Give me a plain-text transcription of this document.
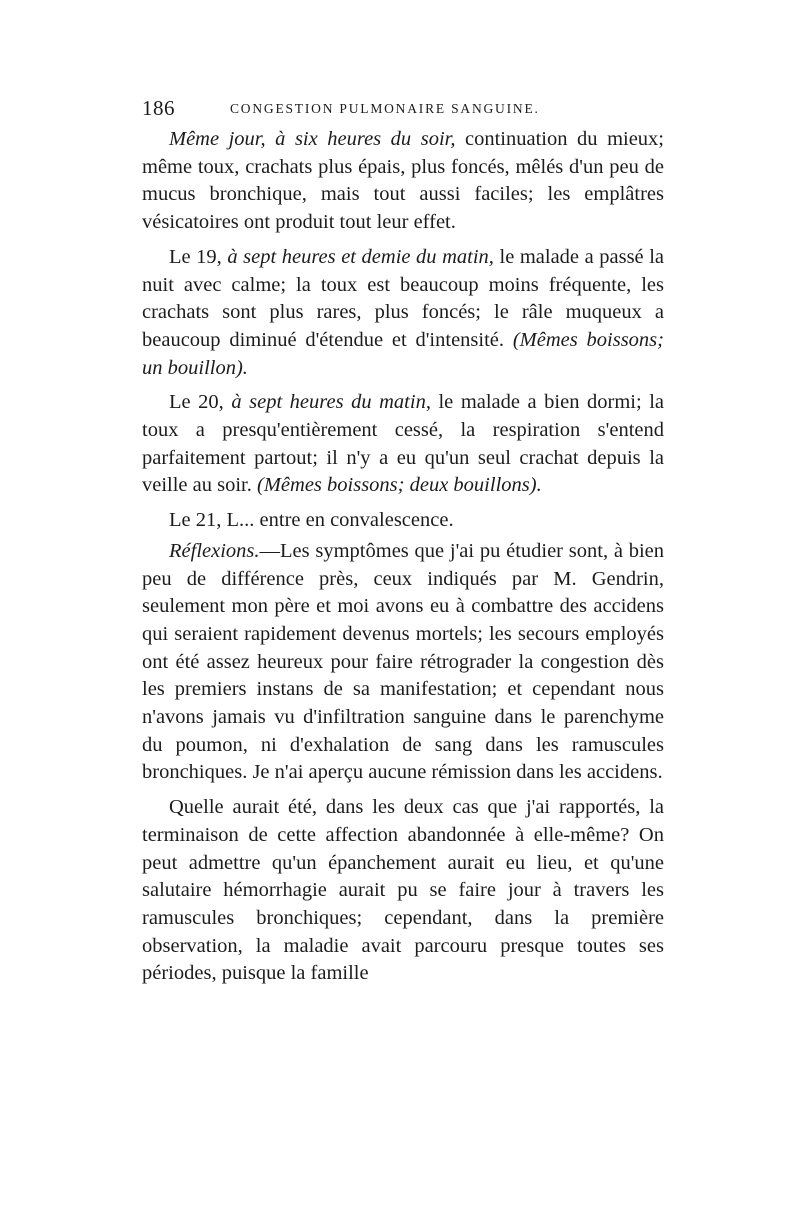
186	CONGESTION PULMONAIRE SANGUINE.

Même jour, à six heures du soir, continuation du mieux; même toux, crachats plus épais, plus foncés, mêlés d'un peu de mucus bronchique, mais tout aussi faciles; les emplâtres vésicatoires ont produit tout leur effet.

Le 19, à sept heures et demie du matin, le malade a passé la nuit avec calme; la toux est beaucoup moins fréquente, les crachats sont plus rares, plus foncés; le râle muqueux a beaucoup diminué d'étendue et d'intensité. (Mêmes boissons; un bouillon).

Le 20, à sept heures du matin, le malade a bien dormi; la toux a presqu'entièrement cessé, la respiration s'entend parfaitement partout; il n'y a eu qu'un seul crachat depuis la veille au soir. (Mêmes boissons; deux bouillons).

Le 21, L... entre en convalescence.

Réflexions.—Les symptômes que j'ai pu étudier sont, à bien peu de différence près, ceux indiqués par M. Gendrin, seulement mon père et moi avons eu à combattre des accidens qui seraient rapidement devenus mortels; les secours employés ont été assez heureux pour faire rétrograder la congestion dès les premiers instans de sa manifestation; et cependant nous n'avons jamais vu d'infiltration sanguine dans le parenchyme du poumon, ni d'exhalation de sang dans les ramuscules bronchiques. Je n'ai aperçu aucune rémission dans les accidens.

Quelle aurait été, dans les deux cas que j'ai rapportés, la terminaison de cette affection abandonnée à elle-même? On peut admettre qu'un épanchement aurait eu lieu, et qu'une salutaire hémorrhagie aurait pu se faire jour à travers les ramuscules bronchiques; cependant, dans la première observation, la maladie avait parcouru presque toutes ses périodes, puisque la famille
